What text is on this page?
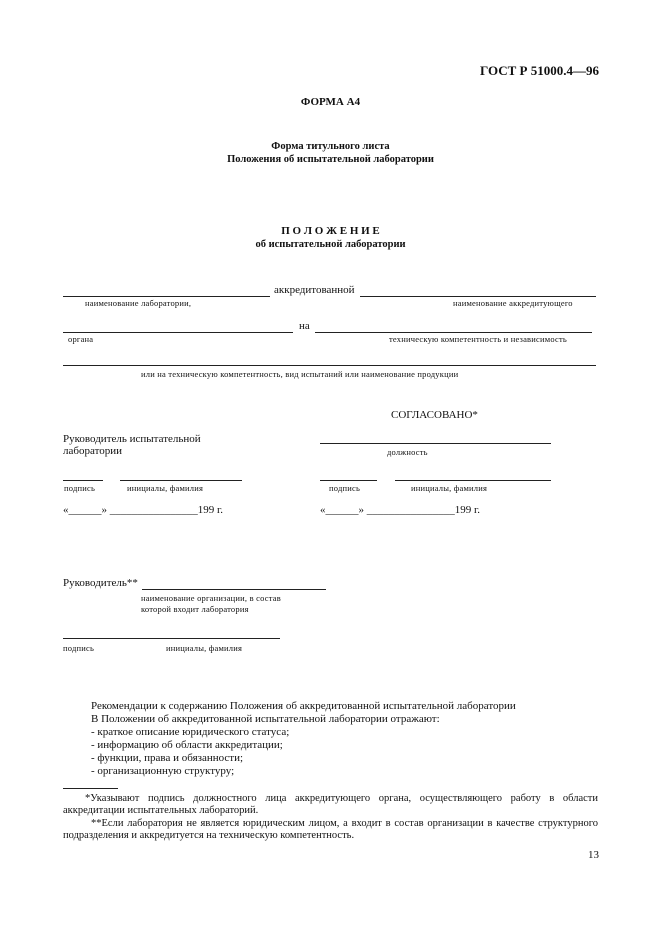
ГОСТ Р 51000.4—96
ФОРМА А4
Форма титульного листа
Положения об испытательной лаборатории
П О Л О Ж Е Н И Е
об испытательной лаборатории
аккредитованной
наименование лаборатории,	наименование аккредитующего
на
органа	техническую компетентность и независимость
или на техническую компетентность, вид испытаний или наименование продукции
СОГЛАСОВАНО*
Руководитель испытательной
лаборатории	должность
подпись	инициалы, фамилия	подпись	инициалы, фамилия
«______» ________________199 г.	«______» ________________199 г.
Руководитель**
наименование организации, в состав
которой входит лаборатория
подпись	инициалы, фамилия
Рекомендации к содержанию Положения об аккредитованной испытательной лаборатории
В Положении об аккредитованной испытательной лаборатории отражают:
- краткое описание юридического статуса;
- информацию об области аккредитации;
- функции, права и обязанности;
- организационную структуру;
*Указывают подпись должностного лица аккредитующего органа, осуществляющего работу в области аккредитации испытательных лабораторий.
**Если лаборатория не является юридическим лицом, а входит в состав организации в качестве структурного подразделения и аккредитуется на техническую компетентность.
13
